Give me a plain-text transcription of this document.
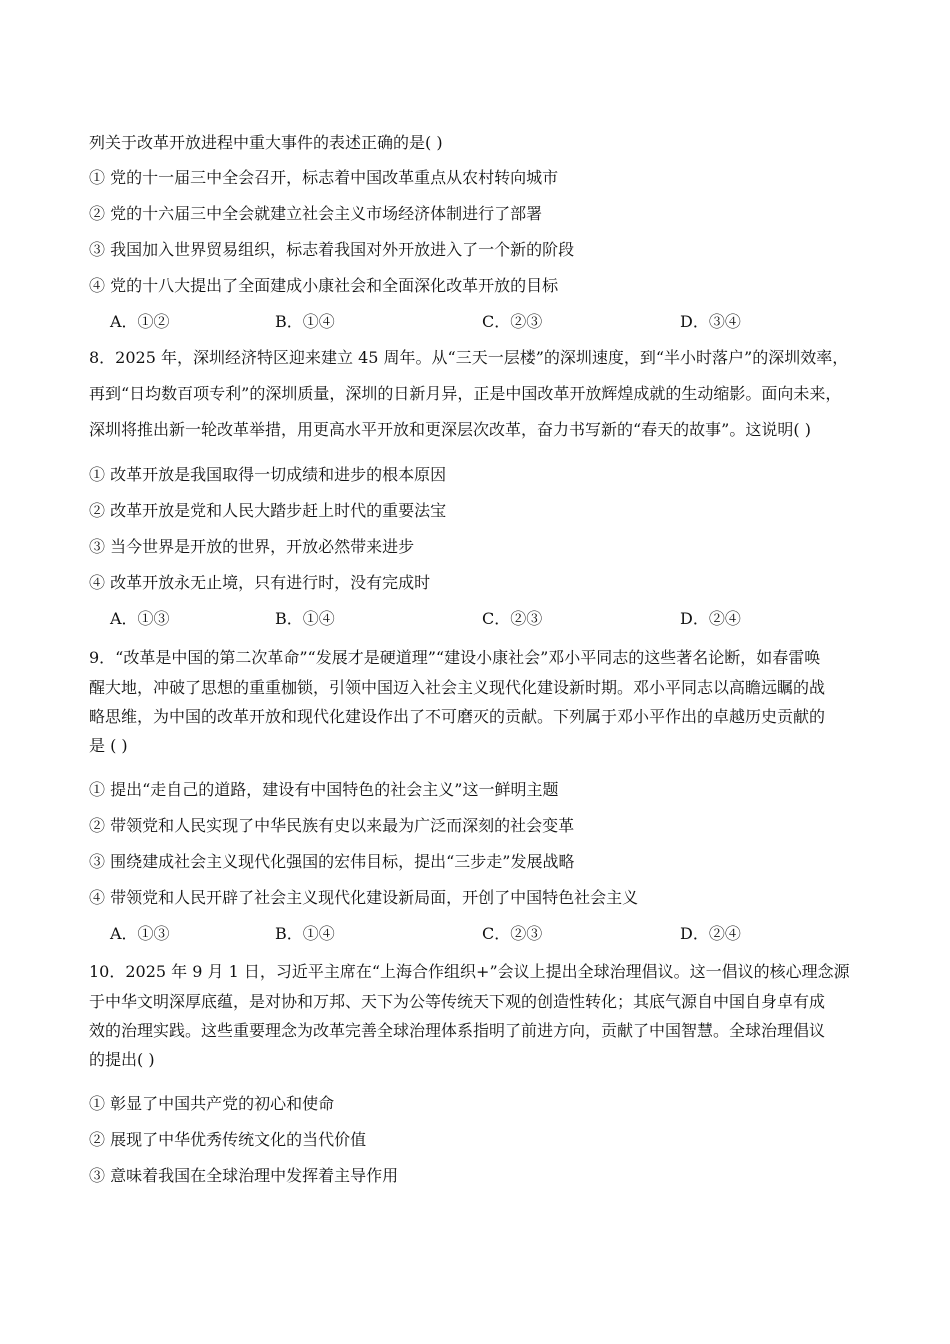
列关于改革开放进程中重大事件的表述正确的是( )
① 党的十一届三中全会召开，标志着中国改革重点从农村转向城市
② 党的十六届三中全会就建立社会主义市场经济体制进行了部署
③ 我国加入世界贸易组织，标志着我国对外开放进入了一个新的阶段
④ 党的十八大提出了全面建成小康社会和全面深化改革开放的目标
A．①②	B．①④	C．②③	D．③④
8．2025 年，深圳经济特区迎来建立 45 周年。从“三天一层楼”的深圳速度，到“半小时落户”的深圳效率，
再到“日均数百项专利”的深圳质量，深圳的日新月异，正是中国改革开放辉煌成就的生动缩影。面向未来，
深圳将推出新一轮改革举措，用更高水平开放和更深层次改革，奋力书写新的“春天的故事”。这说明( )
① 改革开放是我国取得一切成绩和进步的根本原因
② 改革开放是党和人民大踏步赶上时代的重要法宝
③ 当今世界是开放的世界，开放必然带来进步
④ 改革开放永无止境，只有进行时，没有完成时
A．①③	B．①④	C．②③	D．②④
9．“改革是中国的第二次革命”“发展才是硬道理”“建设小康社会”邓小平同志的这些著名论断，如春雷唤
醒大地，冲破了思想的重重枷锁，引领中国迈入社会主义现代化建设新时期。邓小平同志以高瞻远瞩的战
略思维，为中国的改革开放和现代化建设作出了不可磨灭的贡献。下列属于邓小平作出的卓越历史贡献的
是 ( )
① 提出“走自己的道路，建设有中国特色的社会主义”这一鲜明主题
② 带领党和人民实现了中华民族有史以来最为广泛而深刻的社会变革
③ 围绕建成社会主义现代化强国的宏伟目标，提出“三步走”发展战略
④ 带领党和人民开辟了社会主义现代化建设新局面，开创了中国特色社会主义
A．①③	B．①④	C．②③	D．②④
10．2025 年 9 月 1 日，习近平主席在“上海合作组织+”会议上提出全球治理倡议。这一倡议的核心理念源
于中华文明深厚底蕴，是对协和万邦、天下为公等传统天下观的创造性转化；其底气源自中国自身卓有成
效的治理实践。这些重要理念为改革完善全球治理体系指明了前进方向，贡献了中国智慧。全球治理倡议
的提出( )
① 彰显了中国共产党的初心和使命
② 展现了中华优秀传统文化的当代价值
③ 意味着我国在全球治理中发挥着主导作用
